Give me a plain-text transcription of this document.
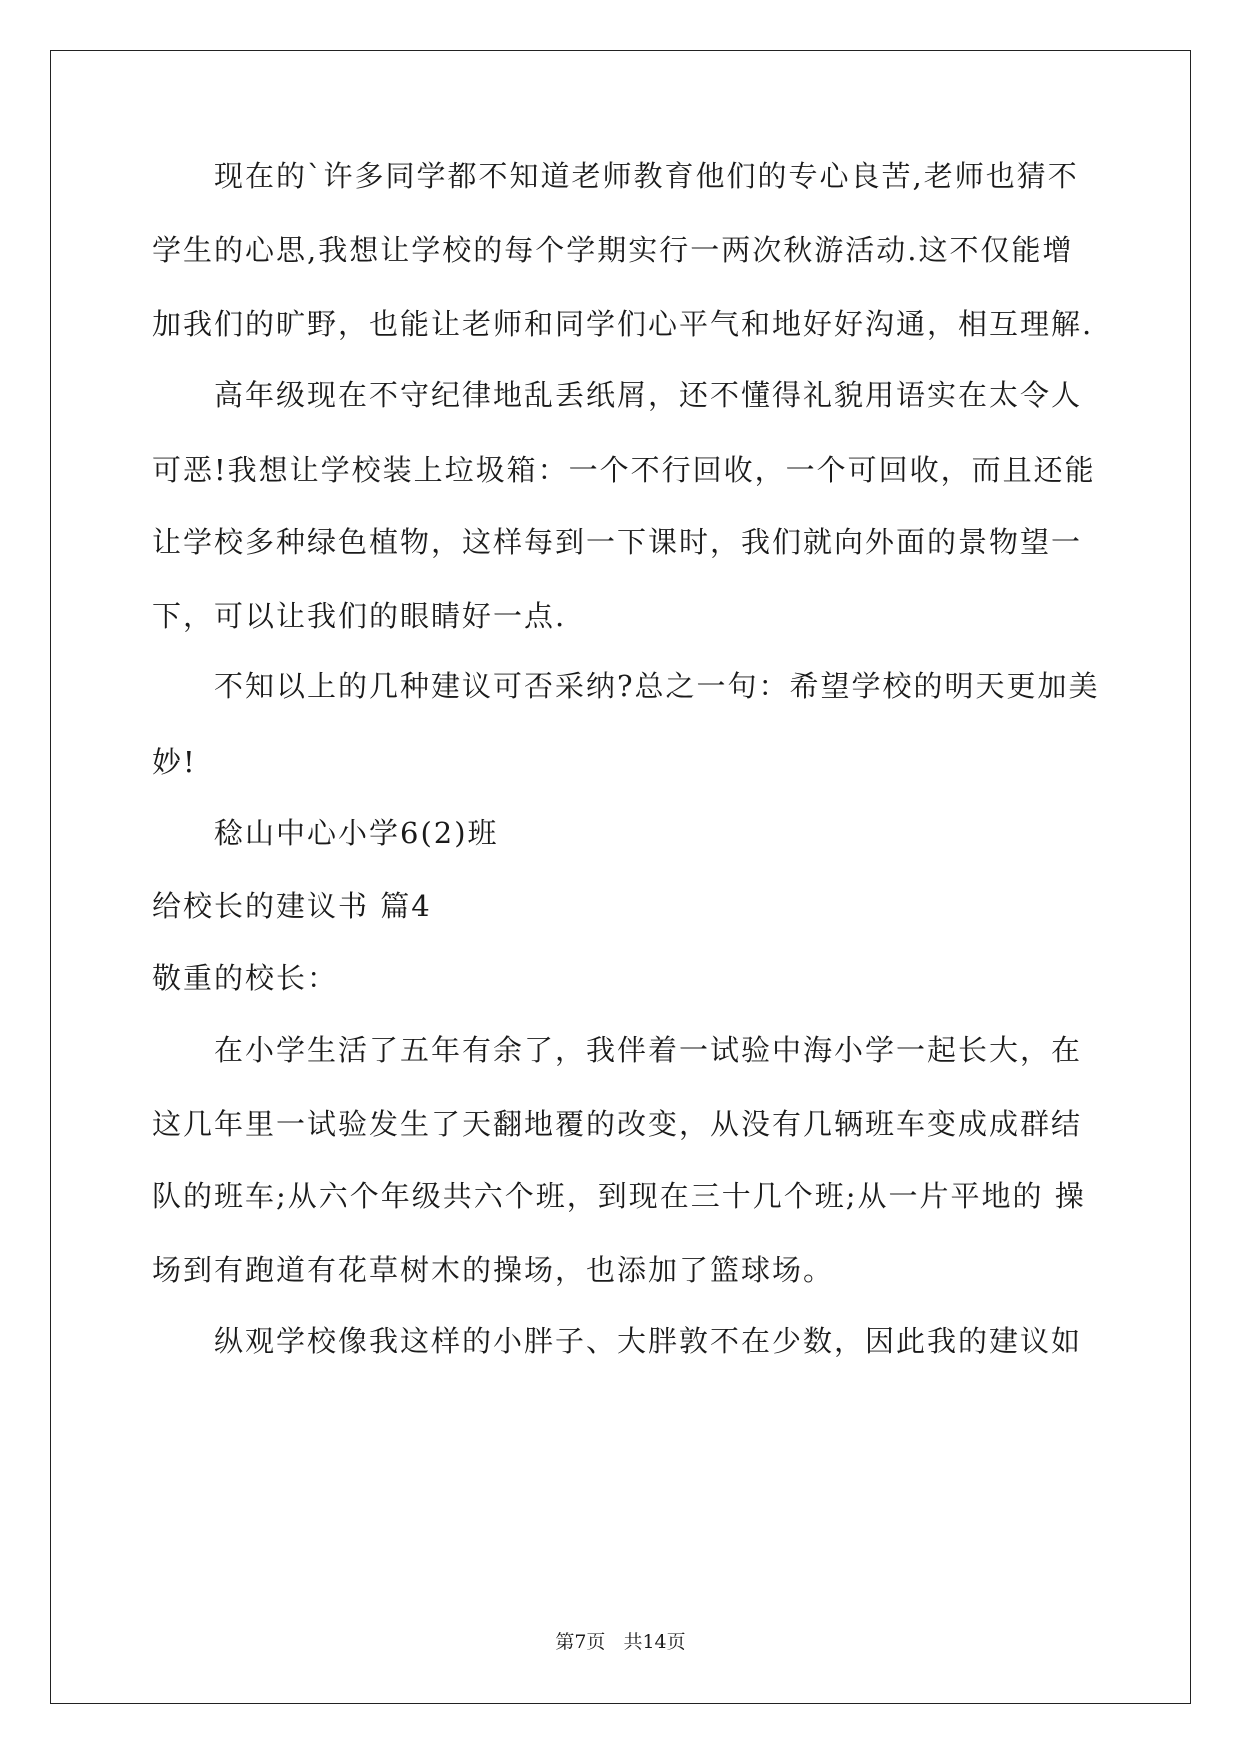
现在的`许多同学都不知道老师教育他们的专心良苦,老师也猜不
学生的心思,我想让学校的每个学期实行一两次秋游活动.这不仅能增
加我们的旷野，也能让老师和同学们心平气和地好好沟通，相互理解.
高年级现在不守纪律地乱丢纸屑，还不懂得礼貌用语实在太令人
可恶!我想让学校装上垃圾箱：一个不行回收，一个可回收，而且还能
让学校多种绿色植物，这样每到一下课时，我们就向外面的景物望一
下，可以让我们的眼睛好一点.
不知以上的几种建议可否采纳?总之一句：希望学校的明天更加美
妙!
稔山中心小学6(2)班
给校长的建议书 篇4
敬重的校长：
在小学生活了五年有余了，我伴着一试验中海小学一起长大，在
这几年里一试验发生了天翻地覆的改变，从没有几辆班车变成成群结
队的班车;从六个年级共六个班，到现在三十几个班;从一片平地的 操
场到有跑道有花草树木的操场，也添加了篮球场。
纵观学校像我这样的小胖子、大胖敦不在少数，因此我的建议如
第7页 共14页
